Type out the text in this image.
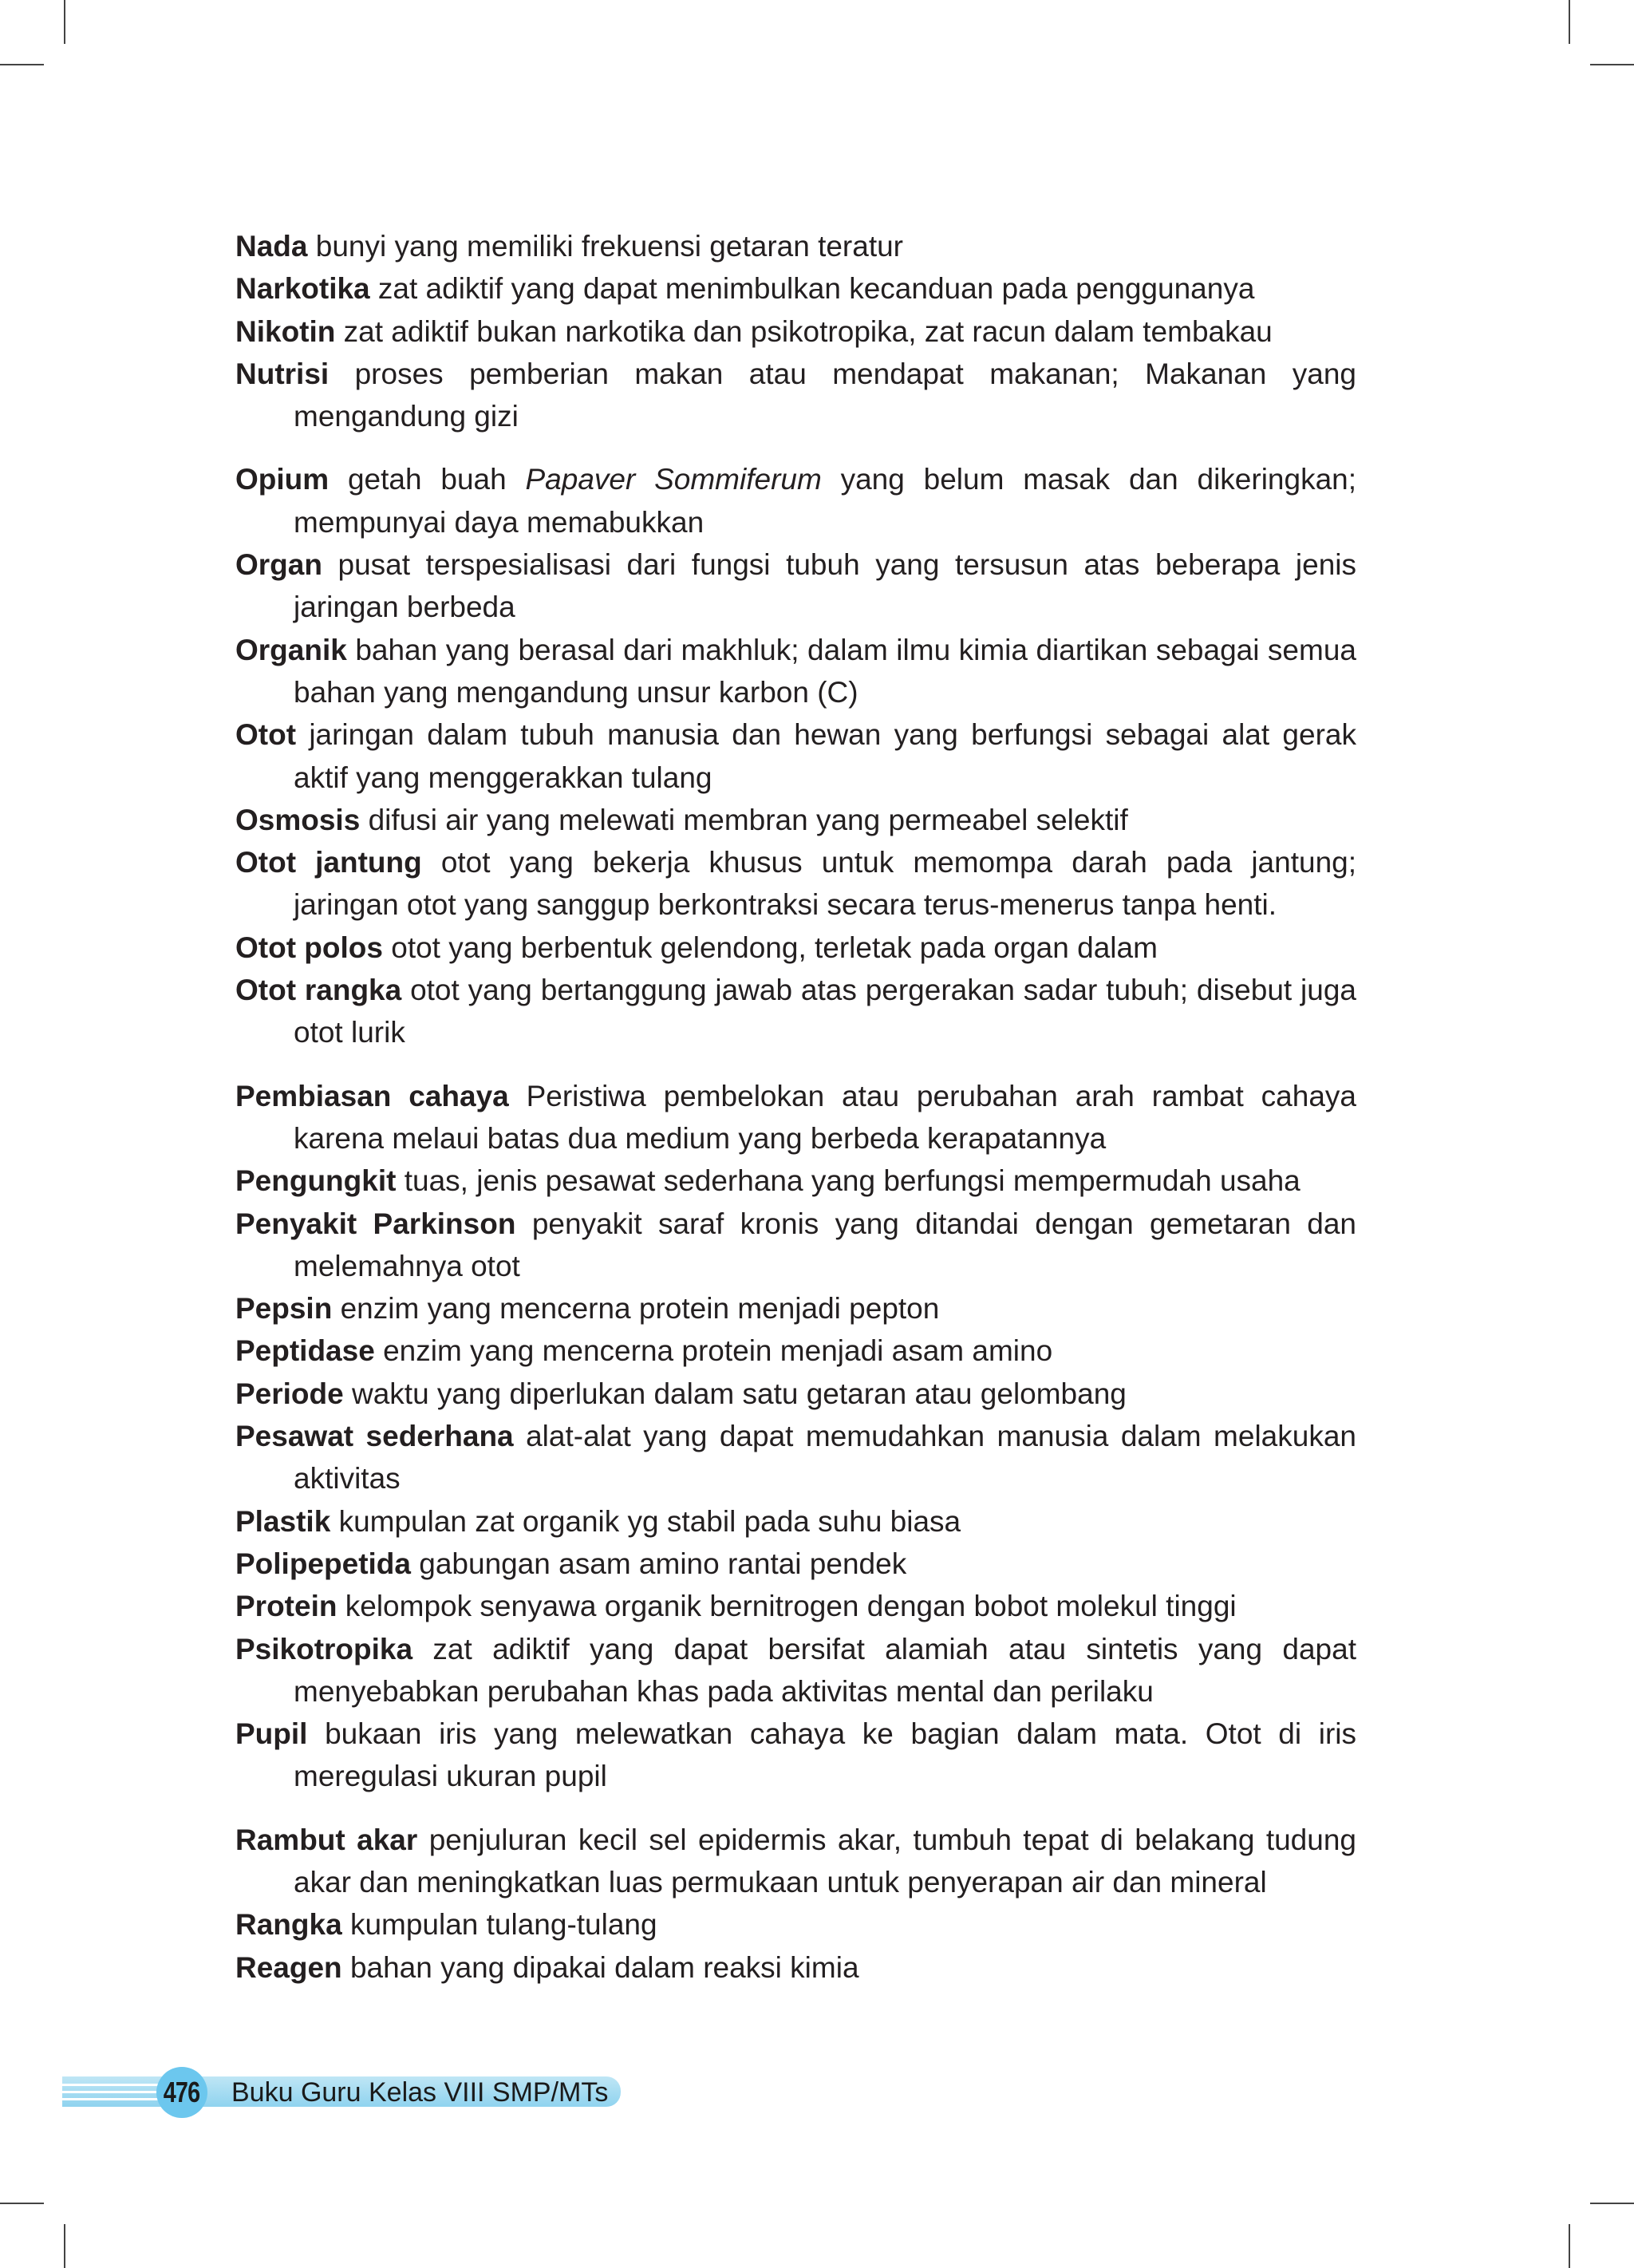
Nada bunyi yang memiliki frekuensi getaran teratur
Narkotika zat adiktif yang dapat menimbulkan kecanduan pada penggunanya
Nikotin zat adiktif bukan narkotika dan psikotropika, zat racun dalam tembakau
Nutrisi proses pemberian makan atau mendapat makanan; Makanan yang mengandung gizi
Opium getah buah Papaver Sommiferum yang belum masak dan dikeringkan; mempunyai daya memabukkan
Organ pusat terspesialisasi dari fungsi tubuh yang tersusun atas beberapa jenis jaringan berbeda
Organik bahan yang berasal dari makhluk; dalam ilmu kimia diartikan sebagai semua bahan yang mengandung unsur karbon (C)
Otot jaringan dalam tubuh manusia dan hewan yang berfungsi sebagai alat gerak aktif yang menggerakkan tulang
Osmosis difusi air yang melewati membran yang permeabel selektif
Otot jantung otot yang bekerja khusus untuk memompa darah pada jantung; jaringan otot yang sanggup berkontraksi secara terus-menerus tanpa henti.
Otot polos otot yang berbentuk gelendong, terletak pada organ dalam
Otot rangka otot yang bertanggung jawab atas pergerakan sadar tubuh; disebut juga otot lurik
Pembiasan cahaya Peristiwa pembelokan atau perubahan arah rambat cahaya karena melaui batas dua medium yang berbeda kerapatannya
Pengungkit tuas, jenis pesawat sederhana yang berfungsi mempermudah usaha
Penyakit Parkinson penyakit saraf kronis yang ditandai dengan gemetaran dan melemahnya otot
Pepsin enzim yang mencerna protein menjadi pepton
Peptidase enzim yang mencerna protein menjadi asam amino
Periode waktu yang diperlukan dalam satu getaran atau gelombang
Pesawat sederhana alat-alat yang dapat memudahkan manusia dalam melakukan aktivitas
Plastik kumpulan zat organik yg stabil pada suhu biasa
Polipepetida gabungan asam amino rantai pendek
Protein kelompok senyawa organik bernitrogen dengan bobot molekul tinggi
Psikotropika zat adiktif yang dapat bersifat alamiah atau sintetis yang dapat menyebabkan perubahan khas pada aktivitas mental dan perilaku
Pupil bukaan iris yang melewatkan cahaya ke bagian dalam mata. Otot di iris meregulasi ukuran pupil
Rambut akar penjuluran kecil sel epidermis akar, tumbuh tepat di belakang tudung akar dan meningkatkan luas permukaan untuk penyerapan air dan mineral
Rangka kumpulan tulang-tulang
Reagen bahan yang dipakai dalam reaksi kimia
476 Buku Guru Kelas VIII SMP/MTs
